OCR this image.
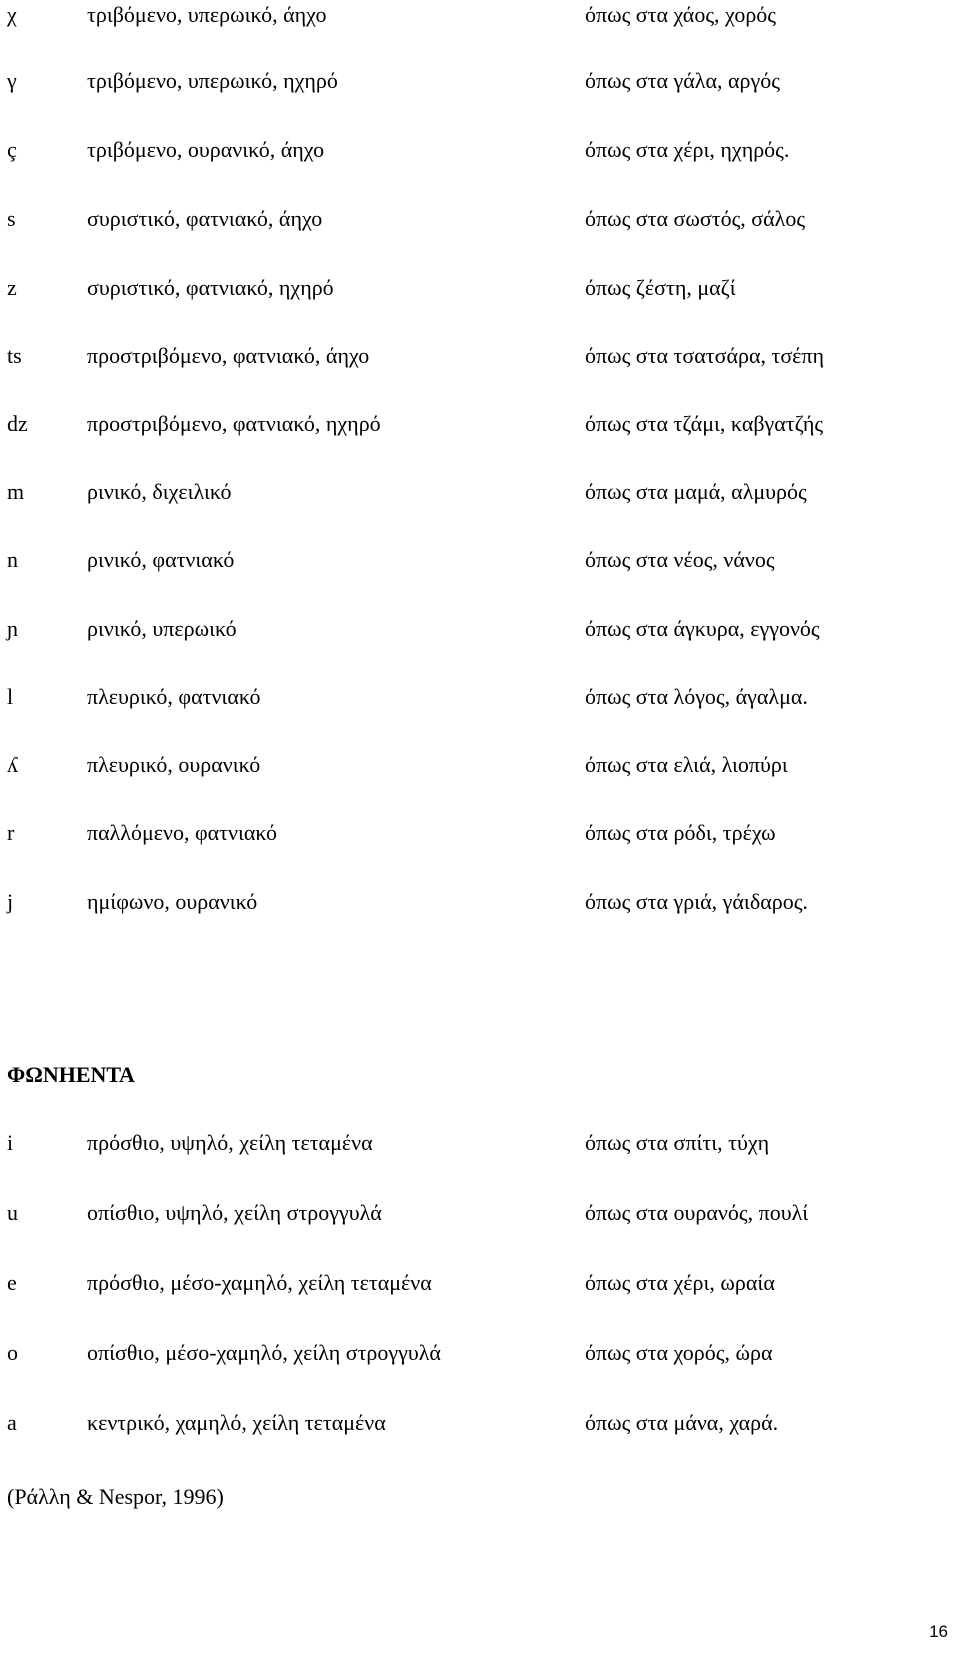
χ	τριβόμενο, υπερωικό, άηχο	όπως στα χάος, χορός
γ	τριβόμενο, υπερωικό, ηχηρό	όπως στα γάλα, αργός
ç	τριβόμενο, ουρανικό, άηχο	όπως στα χέρι, ηχηρός.
s	συριστικό, φατνιακό, άηχο	όπως στα σωστός, σάλος
z	συριστικό, φατνιακό, ηχηρό	όπως ζέστη, μαζί
ts	προστριβόμενο, φατνιακό, άηχο	όπως στα τσατσάρα, τσέπη
dz	προστριβόμενο, φατνιακό, ηχηρό	όπως στα τζάμι, καβγατζής
m	ρινικό, διχειλικό	όπως στα μαμά, αλμυρός
n	ρινικό, φατνιακό	όπως στα νέος, νάνος
ɲ	ρινικό, υπερωικό	όπως στα άγκυρα, εγγονός
l	πλευρικό, φατνιακό	όπως στα λόγος, άγαλμα.
ʎ	πλευρικό, ουρανικό	όπως στα ελιά, λιοπύρι
r	παλλόμενο, φατνιακό	όπως στα ρόδι, τρέχω
j	ημίφωνο, ουρανικό	όπως στα γριά, γάιδαρος.
ΦΩΝΗΕΝΤΑ
i	πρόσθιο, υψηλό, χείλη τεταμένα	όπως στα σπίτι, τύχη
u	οπίσθιο, υψηλό, χείλη στρογγυλά	όπως στα ουρανός, πουλί
e	πρόσθιο, μέσο-χαμηλό, χείλη τεταμένα	όπως στα χέρι, ωραία
o	οπίσθιο, μέσο-χαμηλό, χείλη στρογγυλά	όπως στα χορός, ώρα
a	κεντρικό, χαμηλό, χείλη τεταμένα	όπως στα μάνα, χαρά.
(Ράλλη & Nespor, 1996)
16
